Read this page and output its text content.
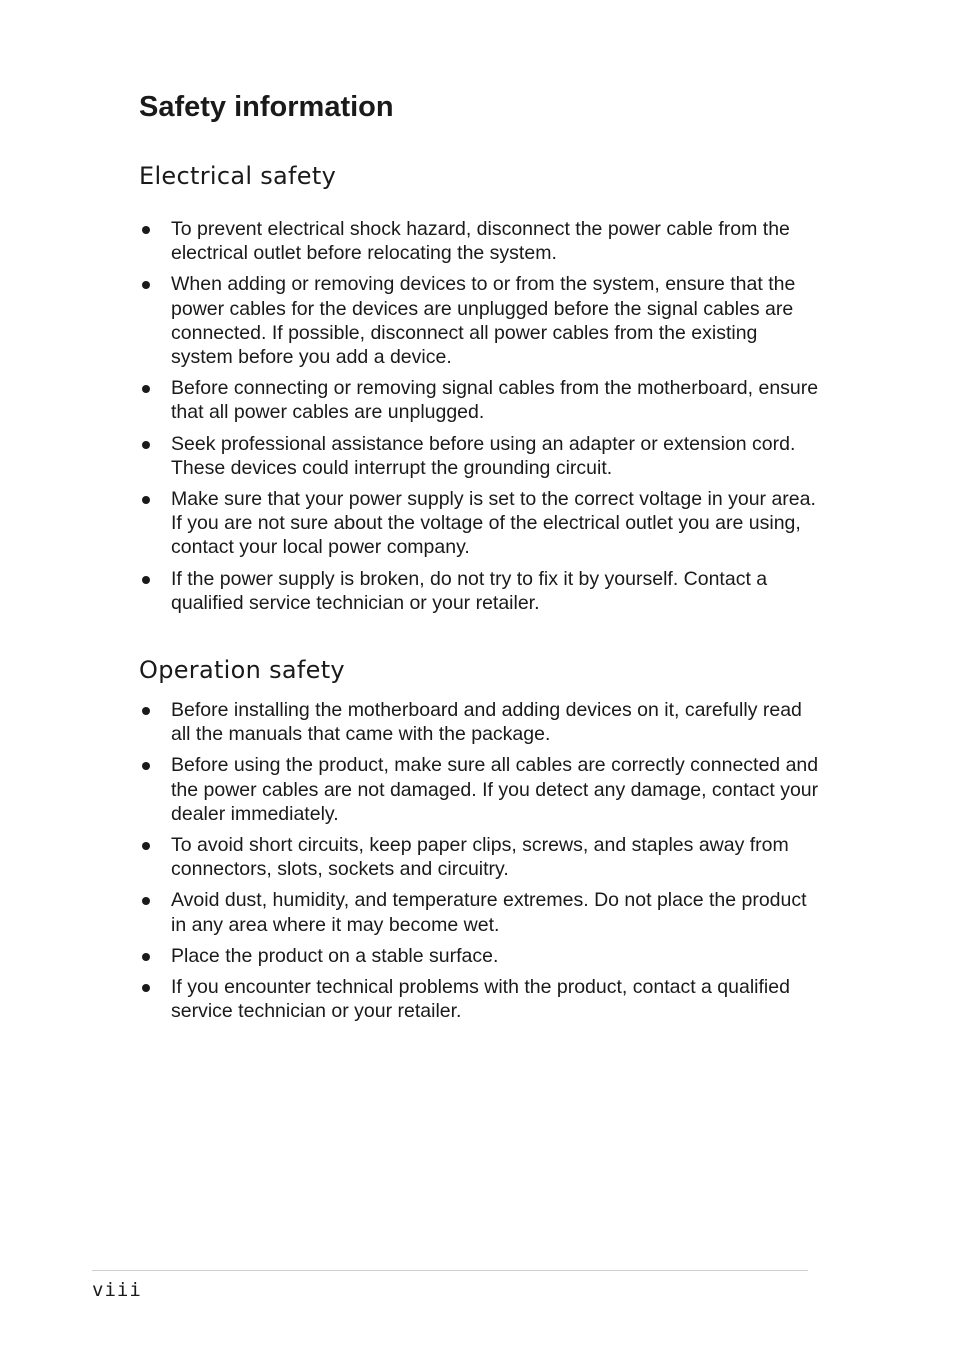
Safety information
Electrical safety
To prevent electrical shock hazard, disconnect the power cable from the electrical outlet before relocating the system.
When adding or removing devices to or from the system, ensure that the power cables for the devices are unplugged before the signal cables are connected. If possible, disconnect all power cables from the existing system before you add a device.
Before connecting or removing signal cables from the motherboard, ensure that all power cables are unplugged.
Seek professional assistance before using an adapter or extension cord. These devices could interrupt the grounding circuit.
Make sure that your power supply is set to the correct voltage in your area. If you are not sure about the voltage of the electrical outlet you are using, contact your local power company.
If the power supply is broken, do not try to fix it by yourself. Contact a qualified service technician or your retailer.
Operation safety
Before installing the motherboard and adding devices on it, carefully read all the manuals that came with the package.
Before using the product, make sure all cables are correctly connected and the power cables are not damaged. If you detect any damage, contact your dealer immediately.
To avoid short circuits, keep paper clips, screws, and staples away from connectors, slots, sockets and circuitry.
Avoid dust, humidity, and temperature extremes. Do not place the product in any area where it may become wet.
Place the product on a stable surface.
If you encounter technical problems with the product, contact a qualified service technician or your retailer.
viii
